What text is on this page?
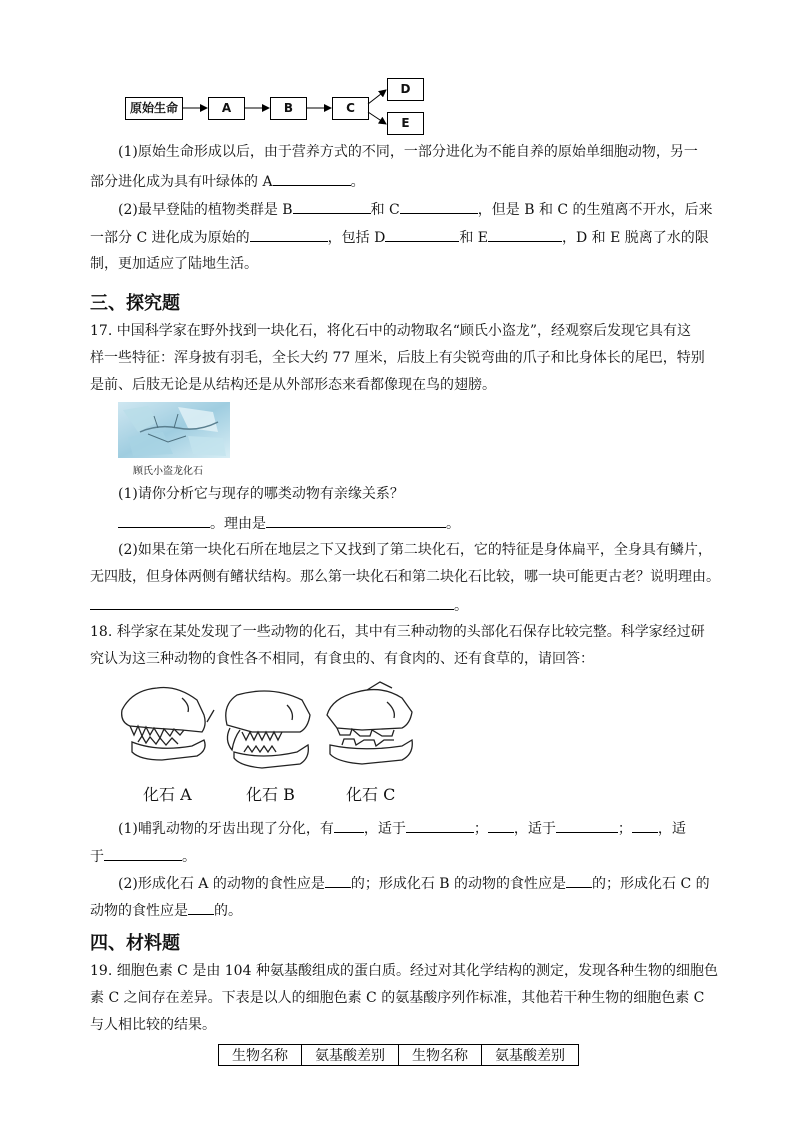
原始生命	A	B	C
D
E
(1)原始生命形成以后，由于营养方式的不同，一部分进化为不能自养的原始单细胞动物，另一
部分进化成为具有叶绿体的 A	。
(2)最早登陆的植物类群是 B	和 C	，但是 B 和 C 的生殖离不开水，后来
一部分 C 进化成为原始的	，包括 D	和 E	，D 和 E 脱离了水的限
制，更加适应了陆地生活。
三、探究题
17. 中国科学家在野外找到一块化石，将化石中的动物取名“顾氏小盗龙”，经观察后发现它具有这
样一些特征：浑身披有羽毛，全长大约 77 厘米，后肢上有尖锐弯曲的爪子和比身体长的尾巴，特别
是前、后肢无论是从结构还是从外部形态来看都像现在鸟的翅膀。
顾氏小盗龙化石
(1)请你分析它与现存的哪类动物有亲缘关系？
。理由是	。
(2)如果在第一块化石所在地层之下又找到了第二块化石，它的特征是身体扁平，全身具有鳞片，
无四肢，但身体两侧有鳍状结构。那么第一块化石和第二块化石比较，哪一块可能更古老？说明理由。
。
18. 科学家在某处发现了一些动物的化石，其中有三种动物的头部化石保存比较完整。科学家经过研
究认为这三种动物的食性各不相同，有食虫的、有食肉的、还有食草的，请回答：
化石 A	化石 B	化石 C
(1)哺乳动物的牙齿出现了分化，有 ，适于	； ，适于	； ，适
于	。
(2)形成化石 A 的动物的食性应是 的；形成化石 B 的动物的食性应是 的；形成化石 C 的
动物的食性应是 的。
四、材料题
19. 细胞色素 C 是由 104 种氨基酸组成的蛋白质。经过对其化学结构的测定，发现各种生物的细胞色
素 C 之间存在差异。下表是以人的细胞色素 C 的氨基酸序列作标准，其他若干种生物的细胞色素 C
与人相比较的结果。
生物名称	氨基酸差别	生物名称	氨基酸差别
